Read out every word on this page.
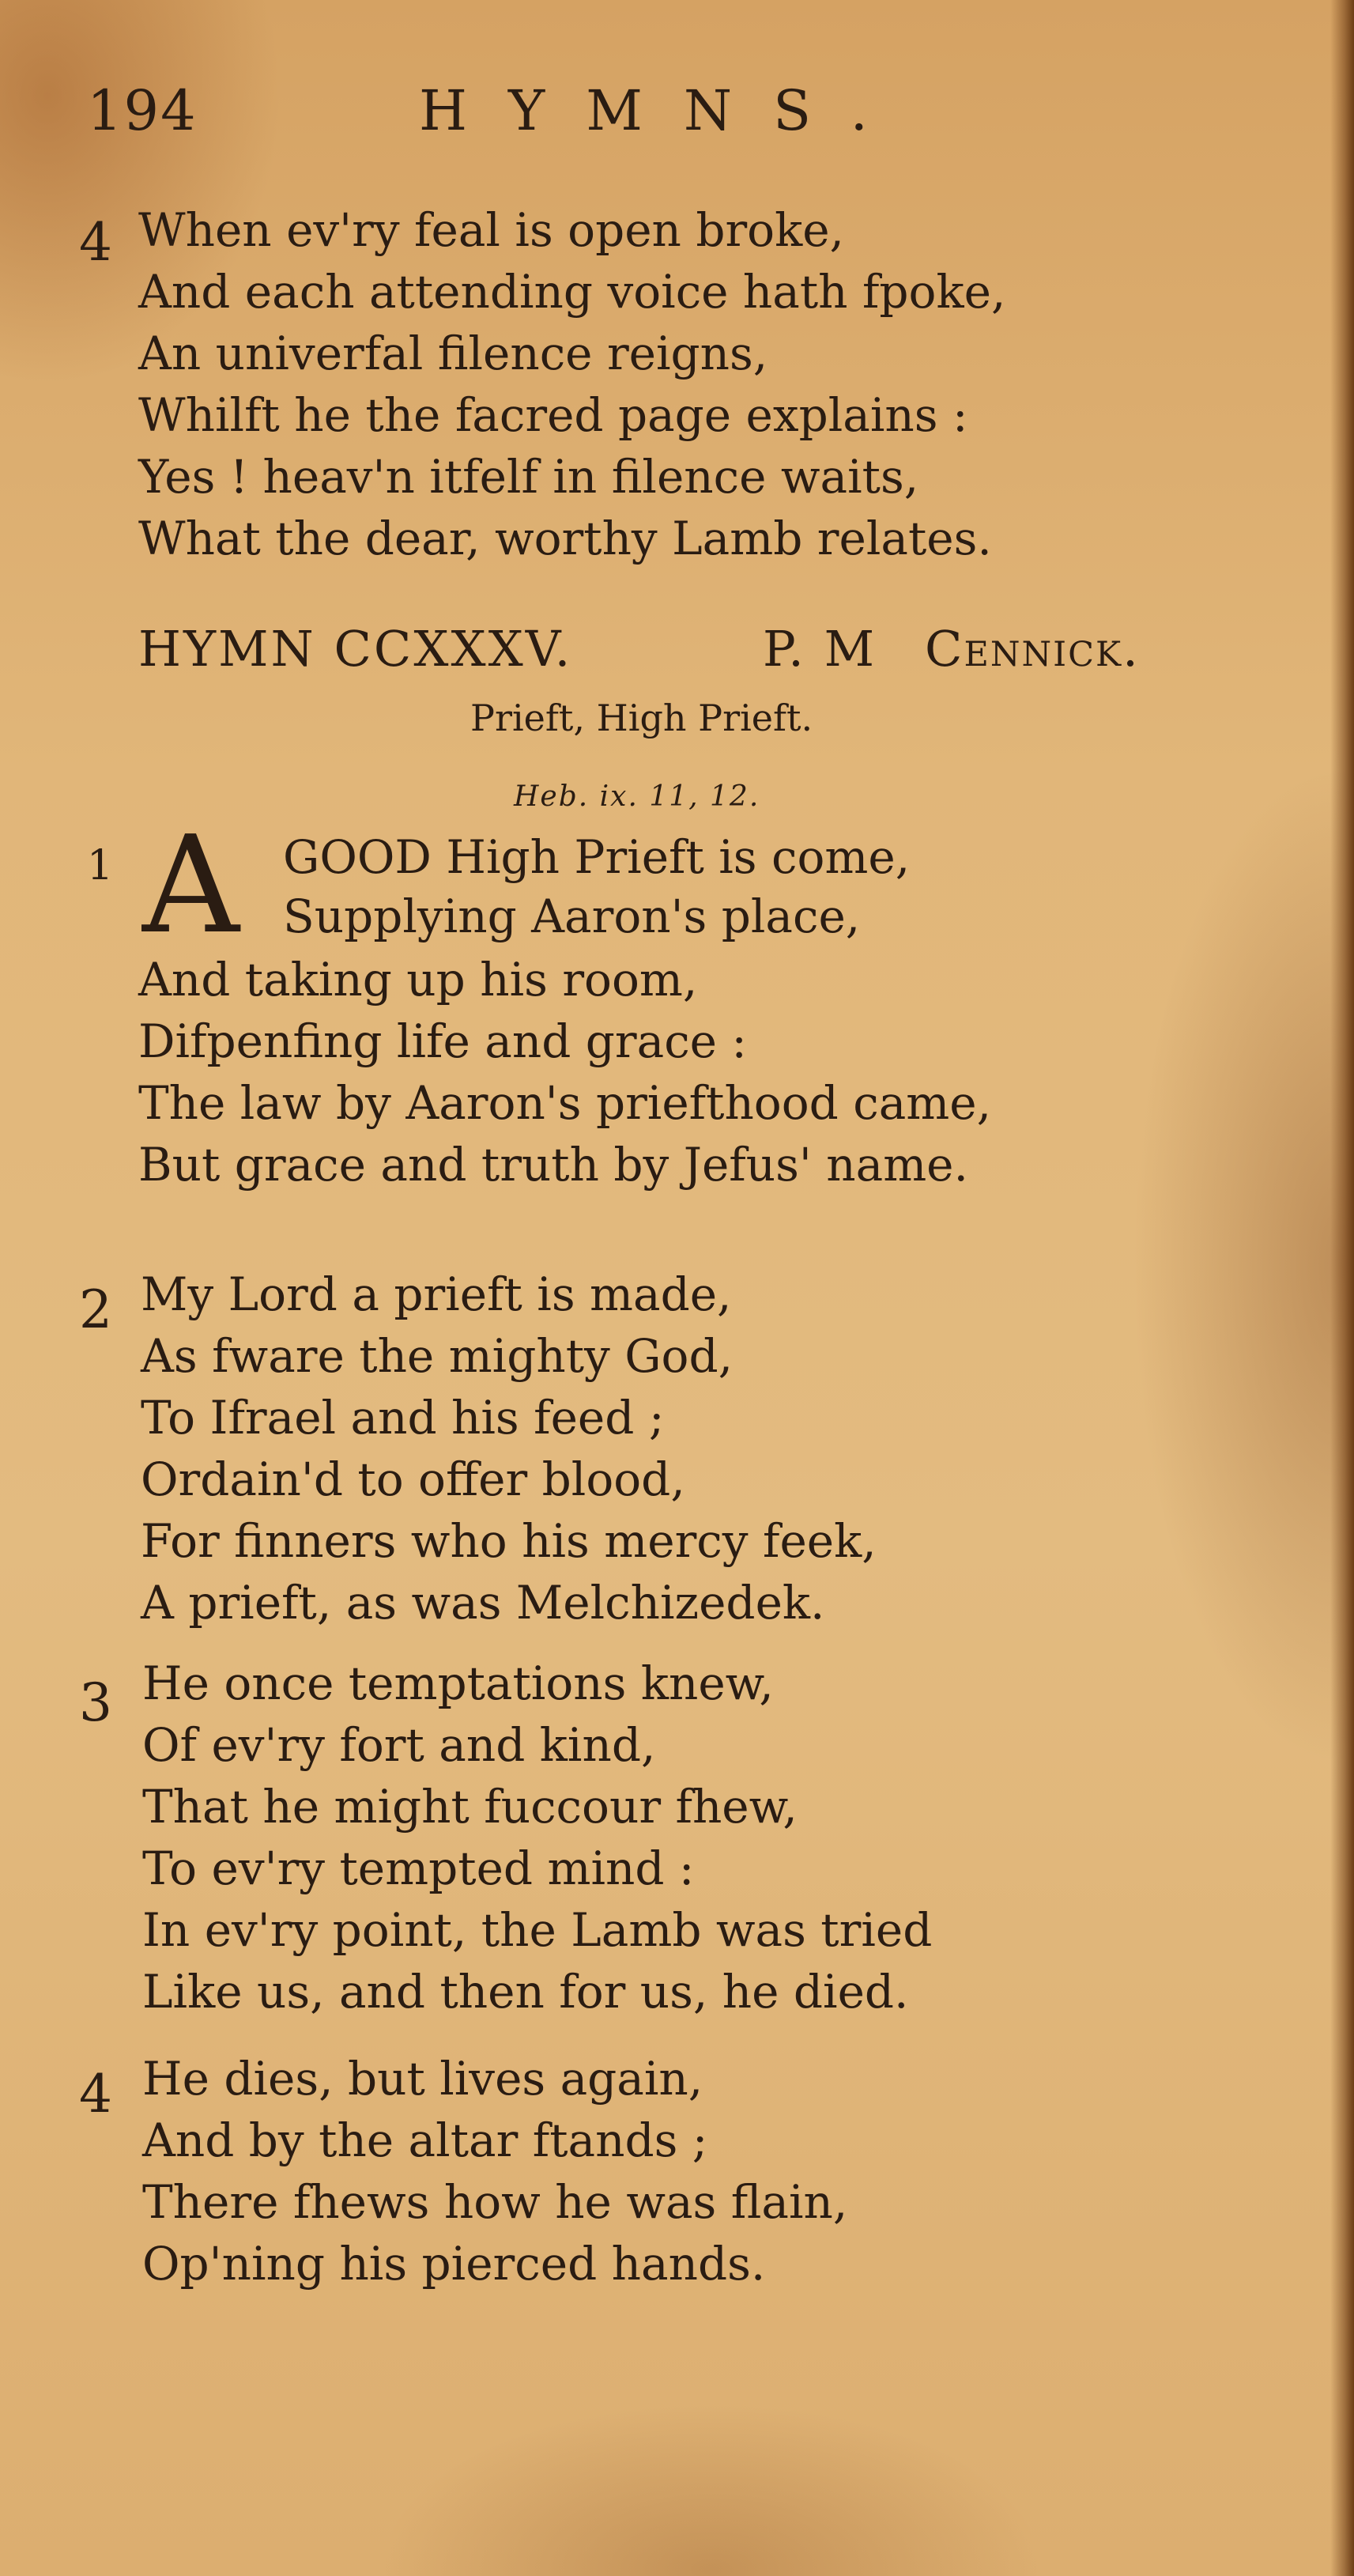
194	HYMNS.
4 When ev'ry feal is open broke,
And each attending voice hath fpoke,
An univerfal filence reigns,
Whilft he the facred page explains :
Yes ! heav'n itfelf in filence waits,
What the dear, worthy Lamb relates.
HYMN CCXXXV.	P. M Cennick.
Prieft, High Prieft.
Heb. ix. 11, 12.
1 A GOOD High Prieft is come,
Supplying Aaron's place,
And taking up his room,
Difpenfing life and grace :
The law by Aaron's priefthood came,
But grace and truth by Jefus' name.
2 My Lord a prieft is made,
As fware the mighty God,
To Ifrael and his feed ;
Ordain'd to offer blood,
For finners who his mercy feek,
A prieft, as was Melchizedek.
3 He once temptations knew,
Of ev'ry fort and kind,
That he might fuccour fhew,
To ev'ry tempted mind :
In ev'ry point, the Lamb was tried
Like us, and then for us, he died.
4 He dies, but lives again,
And by the altar ftands ;
There fhews how he was flain,
Op'ning his pierced hands.
